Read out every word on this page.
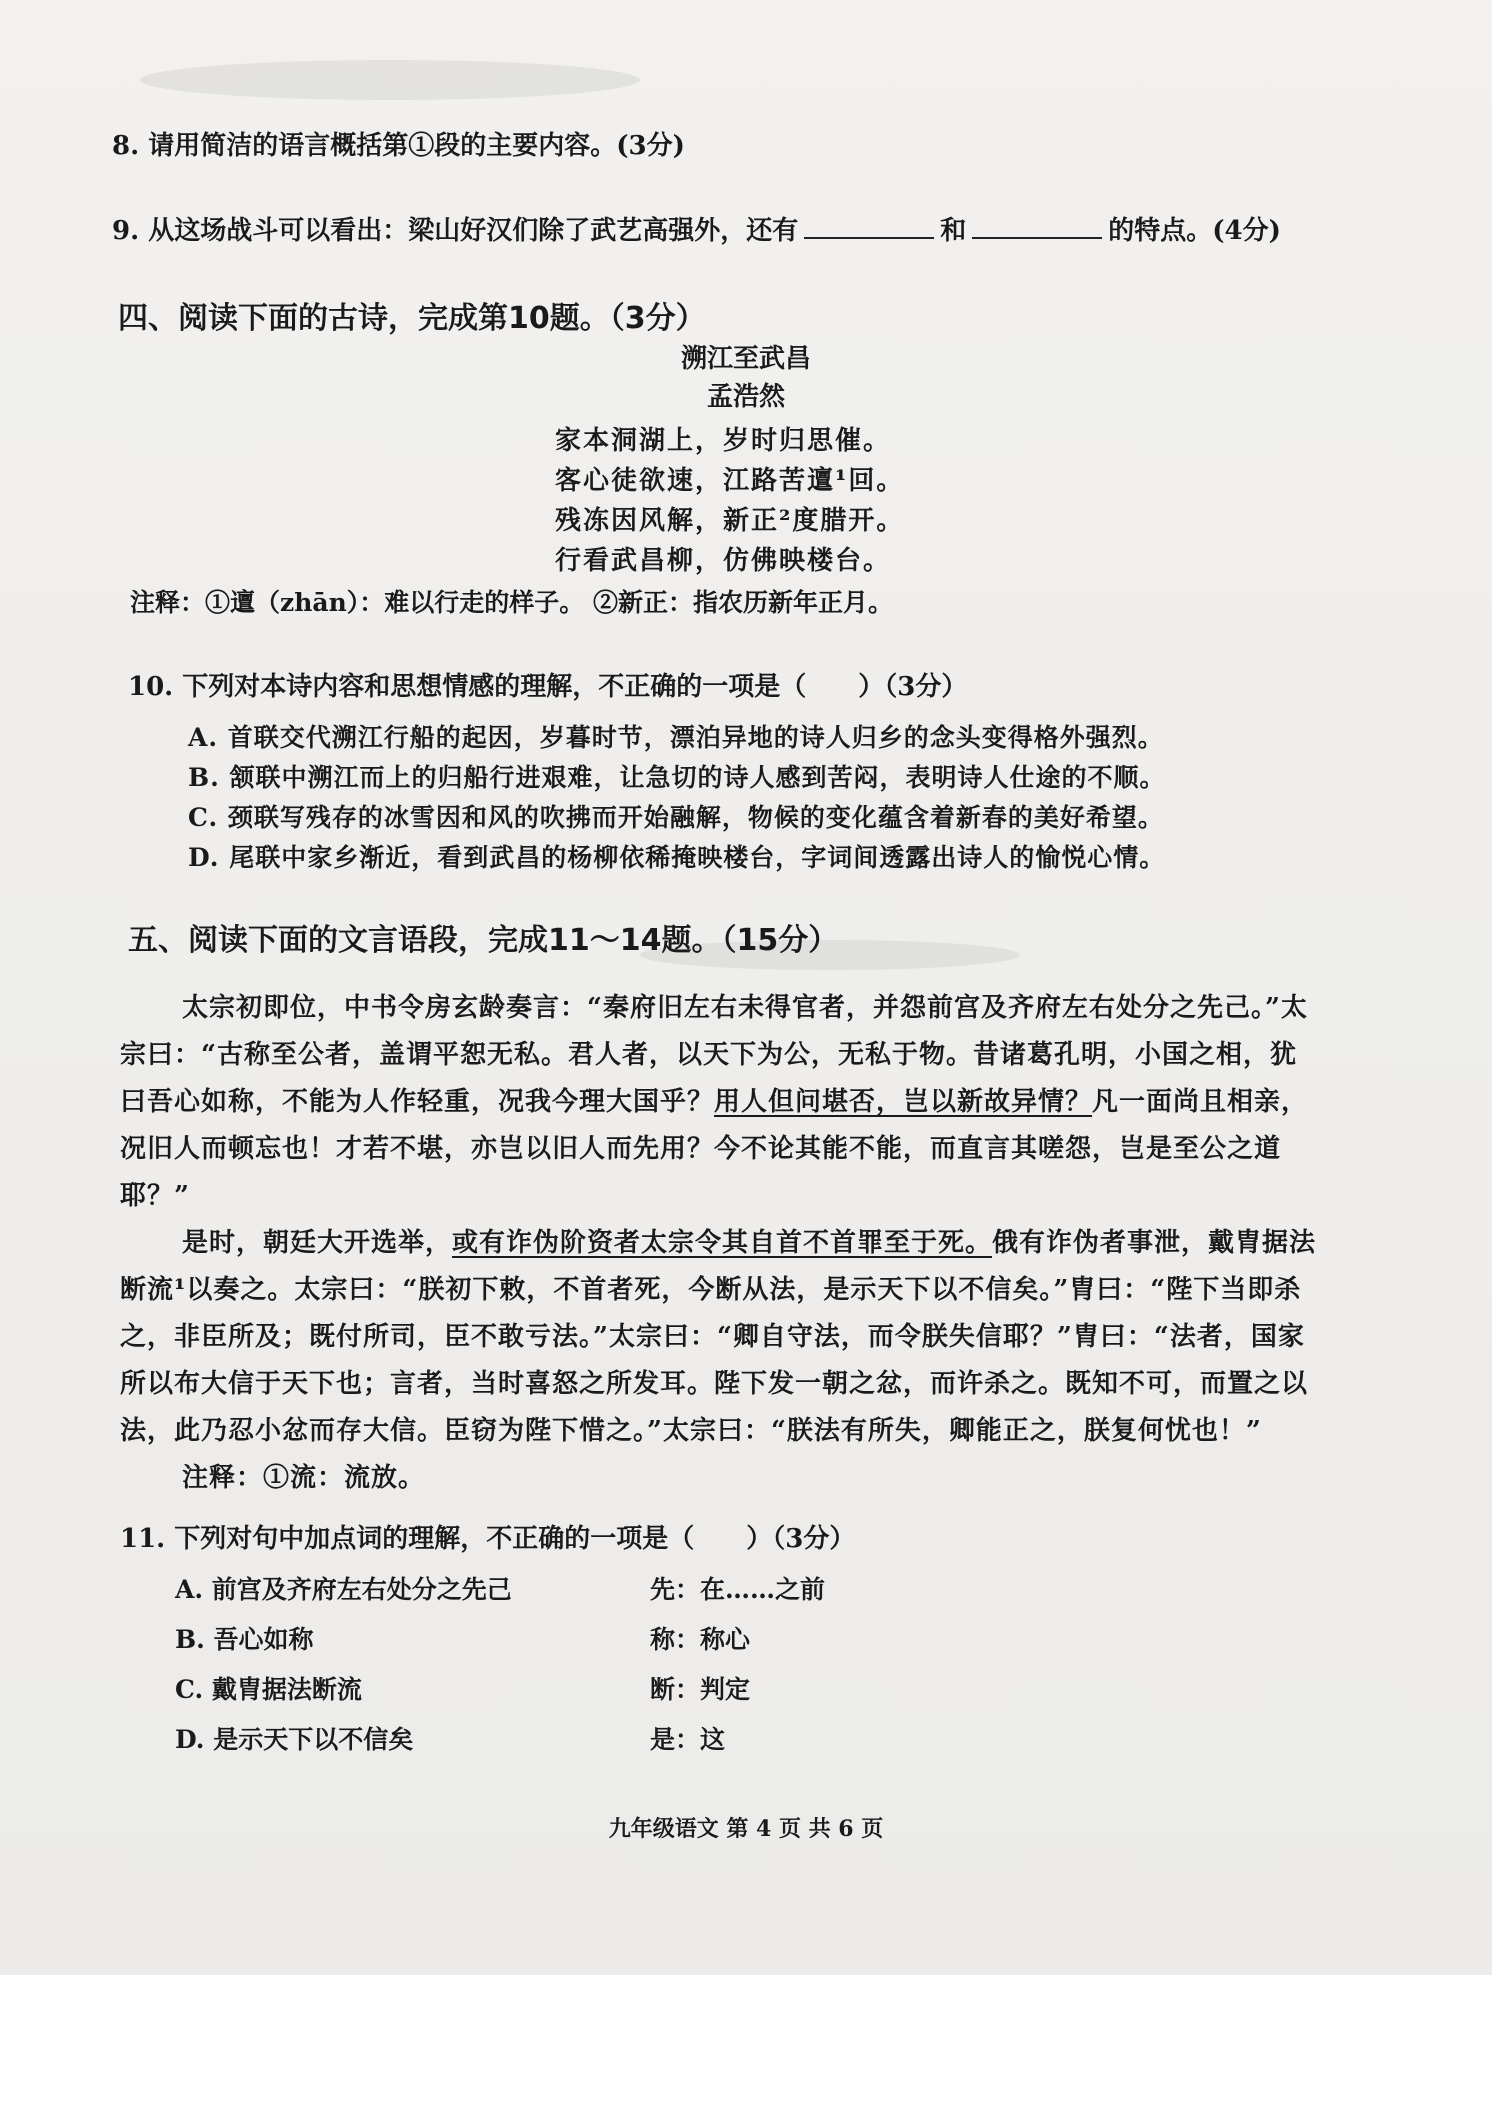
8. 请用简洁的语言概括第①段的主要内容。(3分)
9. 从这场战斗可以看出：梁山好汉们除了武艺高强外，还有	和	的特点。(4分)
四、阅读下面的古诗，完成第10题。（3分）
溯江至武昌
孟浩然
家本洞湖上，岁时归思催。
客心徒欲速，江路苦邅¹回。
残冻因风解，新正²度腊开。
行看武昌柳，仿佛映楼台。
注释：①邅（zhān）：难以行走的样子。 ②新正：指农历新年正月。
10. 下列对本诗内容和思想情感的理解，不正确的一项是（　　）（3分）
A. 首联交代溯江行船的起因，岁暮时节，漂泊异地的诗人归乡的念头变得格外强烈。
B. 颔联中溯江而上的归船行进艰难，让急切的诗人感到苦闷，表明诗人仕途的不顺。
C. 颈联写残存的冰雪因和风的吹拂而开始融解，物候的变化蕴含着新春的美好希望。
D. 尾联中家乡渐近，看到武昌的杨柳依稀掩映楼台，字词间透露出诗人的愉悦心情。
五、阅读下面的文言语段，完成11～14题。（15分）

太宗初即位，中书令房玄龄奏言：“秦府旧左右未得官者，并怨前宫及齐府左右处分之先己。”太宗曰：“古称至公者，盖谓平恕无私。君人者，以天下为公，无私于物。昔诸葛孔明，小国之相，犹曰吾心如称，不能为人作轻重，况我今理大国乎？用人但问堪否，岂以新故异情？凡一面尚且相亲，况旧人而顿忘也！才若不堪，亦岂以旧人而先用？今不论其能不能，而直言其嗟怨，岂是至公之道耶？”

是时，朝廷大开选举，或有诈伪阶资者太宗令其自首不首罪至于死。俄有诈伪者事泄，戴胄据法断流¹以奏之。太宗曰：“朕初下敕，不首者死，今断从法，是示天下以不信矣。”胄曰：“陛下当即杀之，非臣所及；既付所司，臣不敢亏法。”太宗曰：“卿自守法，而令朕失信耶？”胄曰：“法者，国家所以布大信于天下也；言者，当时喜怒之所发耳。陛下发一朝之忿，而许杀之。既知不可，而置之以法，此乃忍小忿而存大信。臣窃为陛下惜之。”太宗曰：“朕法有所失，卿能正之，朕复何忧也！”

注释：①流：流放。

11. 下列对句中加点词的理解，不正确的一项是（　　）（3分）
A. 前宫及齐府左右处分之先己	先：在……之前
B. 吾心如称	称：称心
C. 戴胄据法断流	断：判定
D. 是示天下以不信矣	是：这
九年级语文 第 4 页 共 6 页
